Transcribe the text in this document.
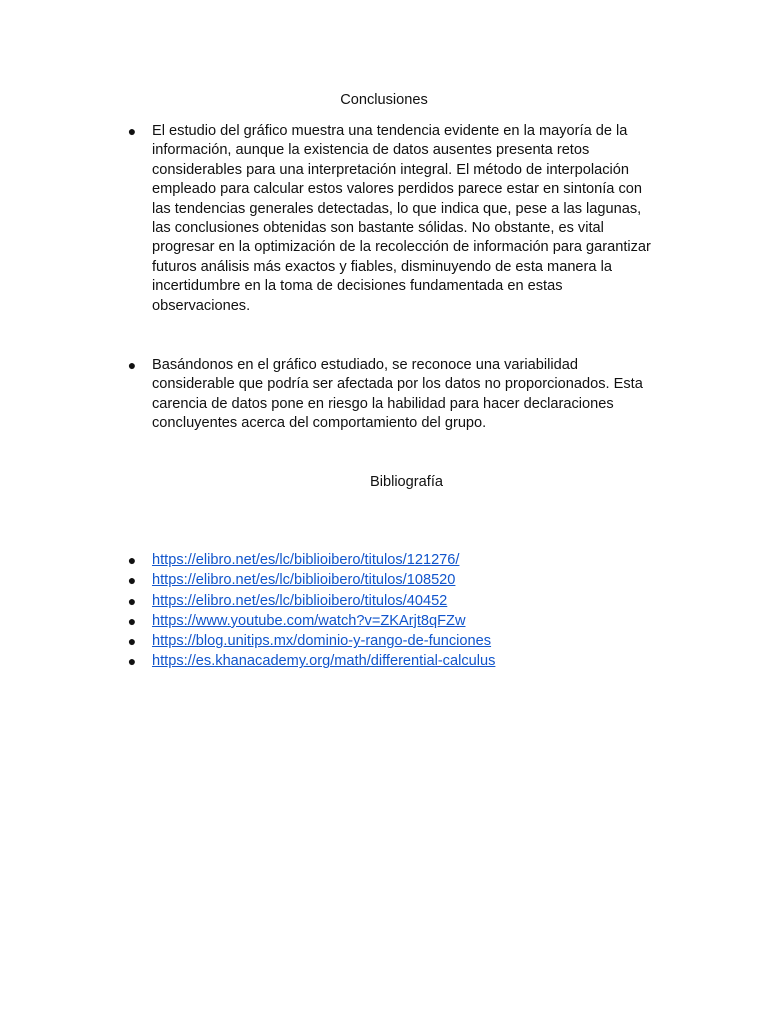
Conclusiones
● El estudio del gráfico muestra una tendencia evidente en la mayoría de la información, aunque la existencia de datos ausentes presenta retos considerables para una interpretación integral. El método de interpolación empleado para calcular estos valores perdidos parece estar en sintonía con las tendencias generales detectadas, lo que indica que, pese a las lagunas, las conclusiones obtenidas son bastante sólidas. No obstante, es vital progresar en la optimización de la recolección de información para garantizar futuros análisis más exactos y fiables, disminuyendo de esta manera la incertidumbre en la toma de decisiones fundamentada en estas observaciones.
● Basándonos en el gráfico estudiado, se reconoce una variabilidad considerable que podría ser afectada por los datos no proporcionados. Esta carencia de datos pone en riesgo la habilidad para hacer declaraciones concluyentes acerca del comportamiento del grupo.
Bibliografía
● https://elibro.net/es/lc/biblioibero/titulos/121276/
● https://elibro.net/es/lc/biblioibero/titulos/108520
● https://elibro.net/es/lc/biblioibero/titulos/40452
● https://www.youtube.com/watch?v=ZKArjt8qFZw
● https://blog.unitips.mx/dominio-y-rango-de-funciones
● https://es.khanacademy.org/math/differential-calculus
